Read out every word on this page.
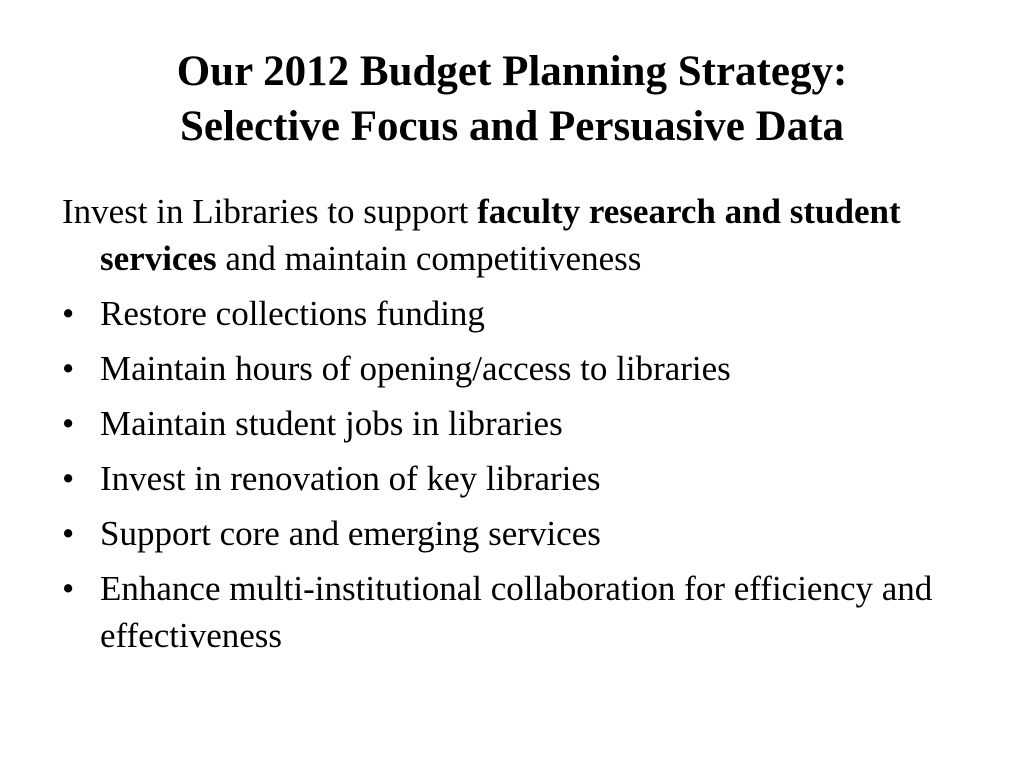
Our 2012 Budget Planning Strategy:
Selective Focus and Persuasive Data

Invest in Libraries to support faculty research and student services and maintain competitiveness

• Restore collections funding
• Maintain hours of opening/access to libraries
• Maintain student jobs in libraries
• Invest in renovation of key libraries
• Support core and emerging services
• Enhance multi-institutional collaboration for efficiency and effectiveness
